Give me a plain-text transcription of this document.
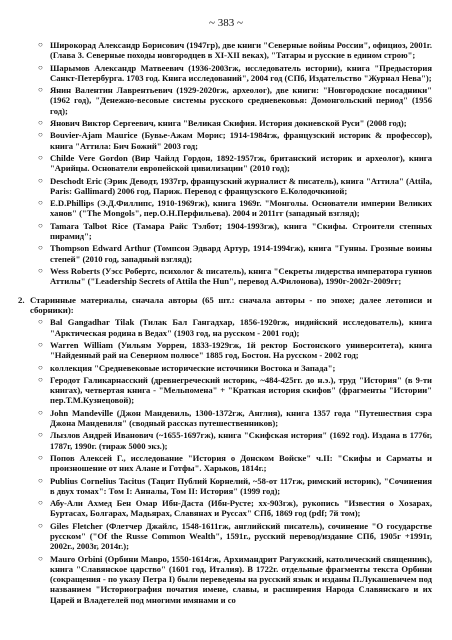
~ 383 ~
○ Широкорад Александр Борисович (1947гр), две книги "Северные войны России", официоз, 2001г. (Глава 3. Северные походы новгородцев в XI-XII веках), "Татары и русские в едином строю";
○ Шарымов Александр Матвеевич (1936-2003гж, исследователь истории), книга "Предыстория Санкт-Петербурга. 1703 год. Книга исследований", 2004 год (СПб, Издательство "Журнал Нева");
○ Янин Валентин Лаврентьевич (1929-2020гж, археолог), две книги: "Новгородские посадники" (1962 год), "Денежно-весовые системы русского средневековья: Домонгольский период" (1956 год);
○ Янович Виктор Сергеевич, книга "Великая Скифия. История докиевской Руси" (2008 год);
○ Bouvier-Ajam Maurice (Бувье-Ажам Морис; 1914-1984гж, французский историк & профессор), книга "Аттила: Бич Божий" 2003 год;
○ Childe Vere Gordon (Вир Чайлд Гордон, 1892-1957гж, британский историк и археолог), книга "Арийцы. Основатели европейской цивилизации" (2010 год);
○ Deschodt Eric (Эрик Деводт, 1937гр, французский журналист & писатель), книга "Аттила" (Attila, Paris: Gallimard) 2006 год, Париж. Перевод с французского Е.Колодочкиной;
○ E.D.Phillips (Э.Д.Филлипс, 1910-1969гж), книга 1969г. "Монголы. Основатели империи Великих ханов" ("The Mongols", пер.О.Н.Перфильева). 2004 и 2011гг (западный взгляд);
○ Tamara Talbot Rice (Тамара Райс Тэлбот; 1904-1993гж), книга "Скифы. Строители степных пирамид";
○ Thompson Edward Arthur (Томпсон Эдвард Артур, 1914-1994гж), книга "Гунны. Грозные воины степей" (2010 год, западный взгляд);
○ Wess Roberts (Уэсс Робертс, психолог & писатель), книга "Секреты лидерства императора гуннов Аттилы" ("Leadership Secrets of Attila the Hun", перевод А.Филонова), 1990г-2002г-2009гг;
2. Старинные материалы, сначала авторы (65 шт.: сначала авторы - по эпохе; далее летописи и сборники):
○ Bal Gangadhar Tilak (Тилак Бал Гангадхар, 1856-1920гж, индийский исследователь), книга "Арктическая родина в Ведах" (1903 год, на русском - 2001 год);
○ Warren William (Уильям Уоррен, 1833-1929гж, 1й ректор Бостонского университета), книга "Найденный рай на Северном полюсе" 1885 год, Бостон. На русском - 2002 год;
○ коллекция "Средневековые исторические источники Востока и Запада";
○ Геродот Галикарнасский (древнегреческий историк, ~484-425гг. до н.э.), труд "История" (в 9-ти книгах), четвертая книга - "Мельпомена" + "Краткая история скифов" (фрагменты "Истории" пер.Т.М.Кузнецовой);
○ John Mandeville (Джон Мандевиль, 1300-1372гж, Англия), книга 1357 года "Путешествия сэра Джона Мандевиля" (сводный рассказ путешественников);
○ Лызлов Андрей Иванович (~1655-1697гж), книга "Скифская история" (1692 год). Издана в 1776г, 1787г, 1990г. (тираж 5000 экз.);
○ Попов Алексей Г., исследование "История о Донском Войске" ч.II: "Скифы и Сарматы и произношение от них Алане и Готфы". Харьков, 1814г.;
○ Publius Cornelius Tacitus (Тацит Публий Корнелий, ~58-от 117гж, римский историк), "Сочинения в двух томах": Том I: Анналы, Том II: История" (1999 год);
○ Абу-Али Ахмед Бен Омар Ибн-Даста (Ибн-Русте; хх-903гж), рукопись "Известия о Хозарах, Буртасах, Болгарах, Мадьярах, Славянах и Руссах" СПб, 1869 год (pdf; 7й том);
○ Giles Fletcher (Флетчер Джайлс, 1548-1611гж, английский писатель), сочинение "О государстве русском" ("Of the Russe Common Wealth", 1591г., русский перевод/издание СПб, 1905г +1991г, 2002г., 2003г, 2014г.);
○ Mauro Orbini (Орбини Мавро, 1550-1614гж, Архимандрит Рагужский, католический священник), книга "Славянское царство" (1601 год, Италия). В 1722г. отдельные фрагменты текста Орбини (сокращения - по указу Петра I) были переведены на русский язык и изданы П.Лукашевичем под названием "Историография початия имене, славы, и расширения Народа Славянскаго и их Царей и Владетелей под многими имянами и со
